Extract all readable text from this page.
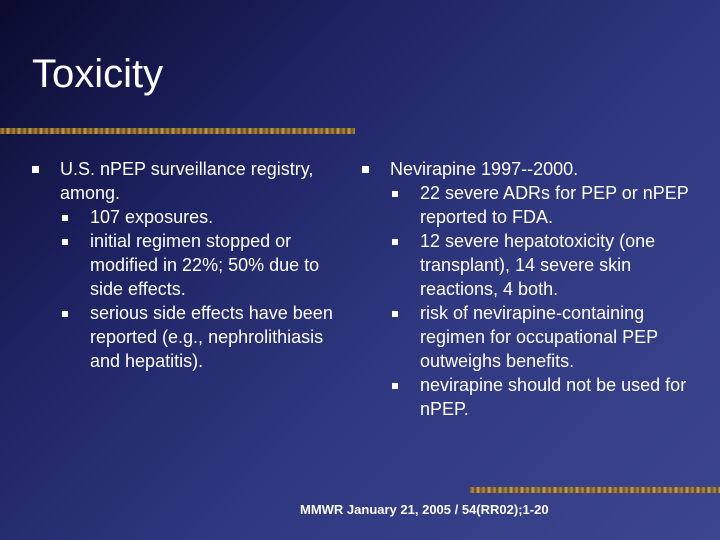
Toxicity
U.S. nPEP surveillance registry, among.
107 exposures.
initial regimen stopped or modified in 22%; 50% due to side effects.
serious side effects have been reported (e.g., nephrolithiasis and hepatitis).
Nevirapine 1997--2000.
22 severe ADRs for PEP or nPEP reported to FDA.
12 severe hepatotoxicity (one transplant), 14 severe skin reactions, 4 both.
risk of nevirapine-containing regimen for occupational PEP outweighs benefits.
nevirapine should not be used for nPEP.
MMWR January 21, 2005 / 54(RR02);1-20
